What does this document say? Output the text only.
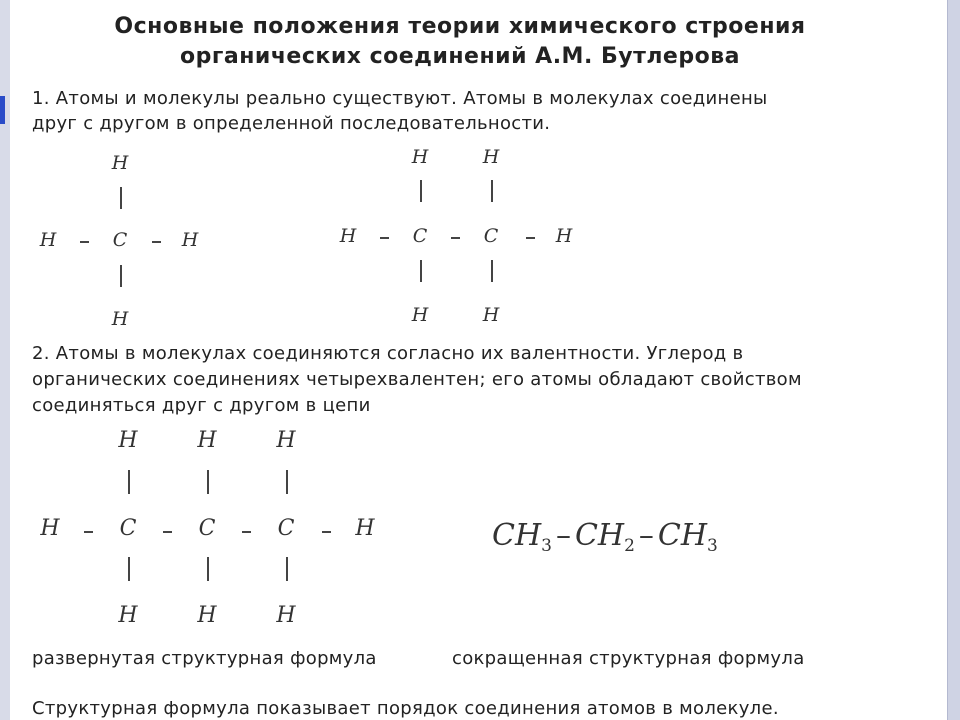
Основные положения теории химического строения
органических соединений А.М. Бутлерова
1. Атомы и молекулы реально существуют. Атомы в молекулах соединены
друг с другом в определенной последовательности.
H
H	C	H
H
H	H
H	C	C	H
H	H
2. Атомы в молекулах соединяются согласно их валентности. Углерод в
органических соединениях четырехвалентен; его атомы обладают свойством
соединяться друг с другом в цепи
H	H	H
H	C	C	C	H
H	H	H
$CH_3 - CH_2 - CH_3$
развернутая структурная формула	сокращенная структурная формула
Структурная формула показывает порядок соединения атомов в молекуле.
